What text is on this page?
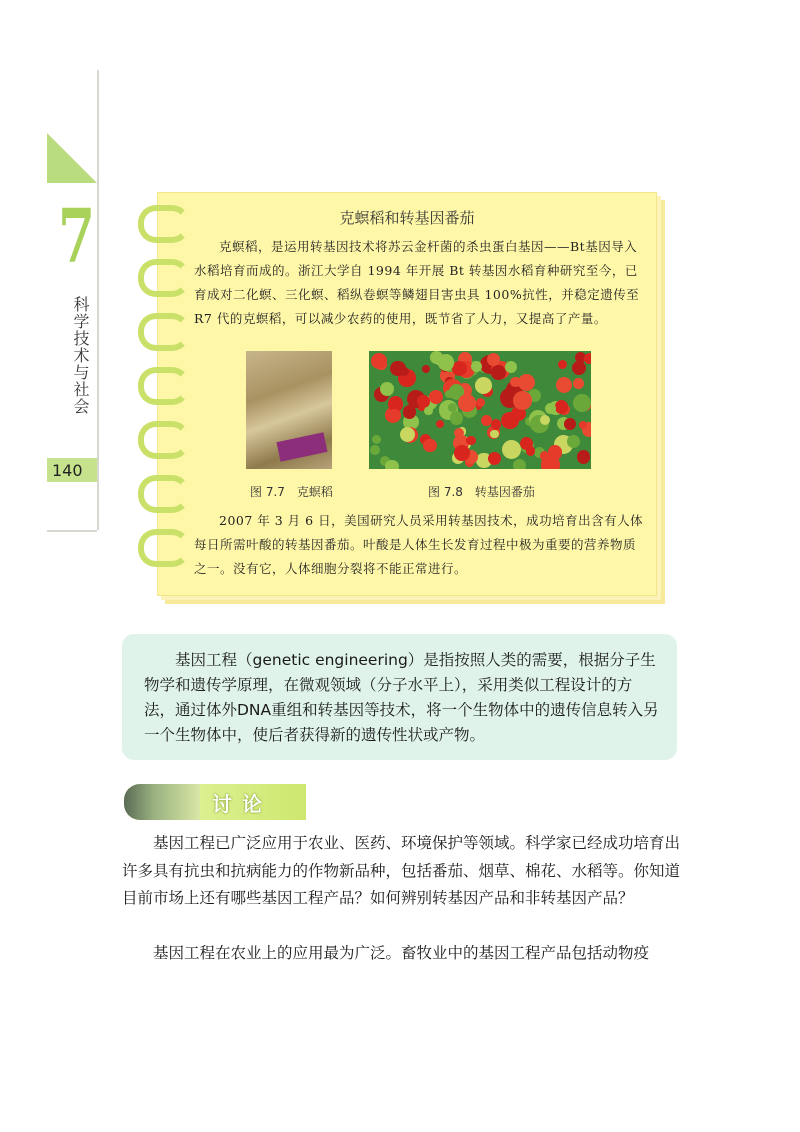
7
科学技术与社会
140
克螟稻和转基因番茄
克螟稻，是运用转基因技术将苏云金杆菌的杀虫蛋白基因——Bt基因导入水稻培育而成的。浙江大学自 1994 年开展 Bt 转基因水稻育种研究至今，已育成对二化螟、三化螟、稻纵卷螟等鳞翅目害虫具 100%抗性，并稳定遗传至 R7 代的克螟稻，可以减少农药的使用，既节省了人力，又提高了产量。
图 7.7　克螟稻	图 7.8　转基因番茄
2007 年 3 月 6 日，美国研究人员采用转基因技术，成功培育出含有人体每日所需叶酸的转基因番茄。叶酸是人体生长发育过程中极为重要的营养物质之一。没有它，人体细胞分裂将不能正常进行。

基因工程（genetic engineering）是指按照人类的需要，根据分子生物学和遗传学原理，在微观领域（分子水平上），采用类似工程设计的方法，通过体外DNA重组和转基因等技术，将一个生物体中的遗传信息转入另一个生物体中，使后者获得新的遗传性状或产物。

讨论
基因工程已广泛应用于农业、医药、环境保护等领域。科学家已经成功培育出许多具有抗虫和抗病能力的作物新品种，包括番茄、烟草、棉花、水稻等。你知道目前市场上还有哪些基因工程产品？如何辨别转基因产品和非转基因产品？
基因工程在农业上的应用最为广泛。畜牧业中的基因工程产品包括动物疫
